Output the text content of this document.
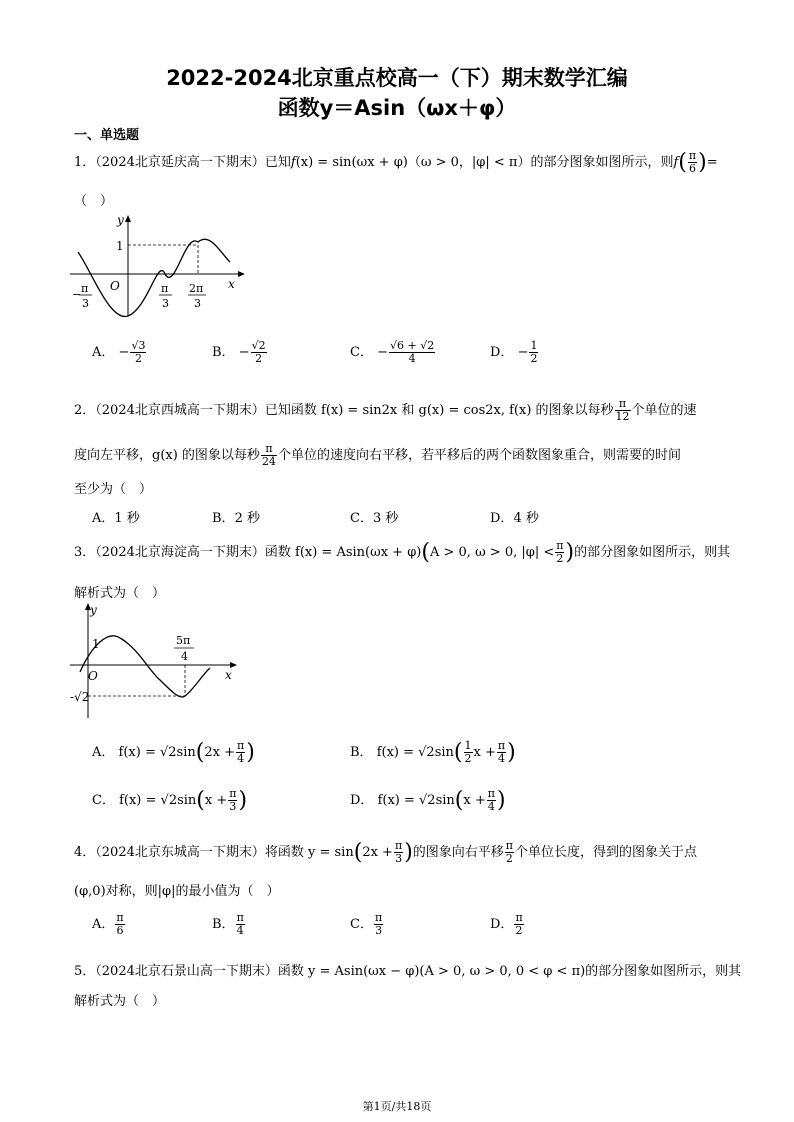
2022-2024北京重点校高一（下）期末数学汇编
函数y＝Asin（ωx＋φ）
一、单选题
1．（2024北京延庆高一下期末）已知f(x) = sin(ωx + φ)（ω > 0，|φ| < π）的部分图象如图所示，则$f( \frac{\pi}{6}$ )=
（　）
y
x
1
O
− π
3
π
3
2π
3
A． − $\frac{√3}{2}$	B． − $\frac{√2}{2}$	C． − $\frac{√6 + √2}{4}$	D． − $\frac{1}{2}$
2．（2024北京西城高一下期末）已知函数 f(x) = sin2x 和 g(x) = cos2x, f(x) 的图象以每秒 $\frac{\pi}{12}$ 个单位的速
度向左平移，g(x) 的图象以每秒 $\frac{\pi}{24}$ 个单位的速度向右平移，若平移后的两个函数图象重合，则需要的时间
至少为（　）
A．1 秒	B．2 秒	C．3 秒	D．4 秒
3．（2024北京海淀高一下期末）函数 f(x) = Asin(ωx + φ)(A > 0, ω > 0, $|\varphi| < \frac{\pi}{2}$ )的部分图象如图所示，则其
解析式为（　）
y
x
1
O
-√2
5π
4
A． $f(x) = √2\sin(2x + \frac{\pi}{4}$ )	B． $f(x) = √2\sin( \frac{1}{2}$ $x + \frac{\pi}{4}$ )
C． $f(x) = √2\sin(x + \frac{\pi}{3}$ )	D． $f(x) = √2\sin(x + \frac{\pi}{4}$ )
4．（2024北京东城高一下期末）将函数 $y = \sin(2x + \frac{\pi}{3}$ )的图象向右平移 $\frac{\pi}{2}$ 个单位长度，得到的图象关于点
(φ,0)对称，则|φ|的最小值为（　）
A． $\frac{\pi}{6}$	B． $\frac{\pi}{4}$	C． $\frac{\pi}{3}$	D． $\frac{\pi}{2}$
5．（2024北京石景山高一下期末）函数 y = Asin(ωx − φ)(A > 0, ω > 0, 0 < φ < π)的部分图象如图所示，则其
解析式为（　）
第1页/共18页
